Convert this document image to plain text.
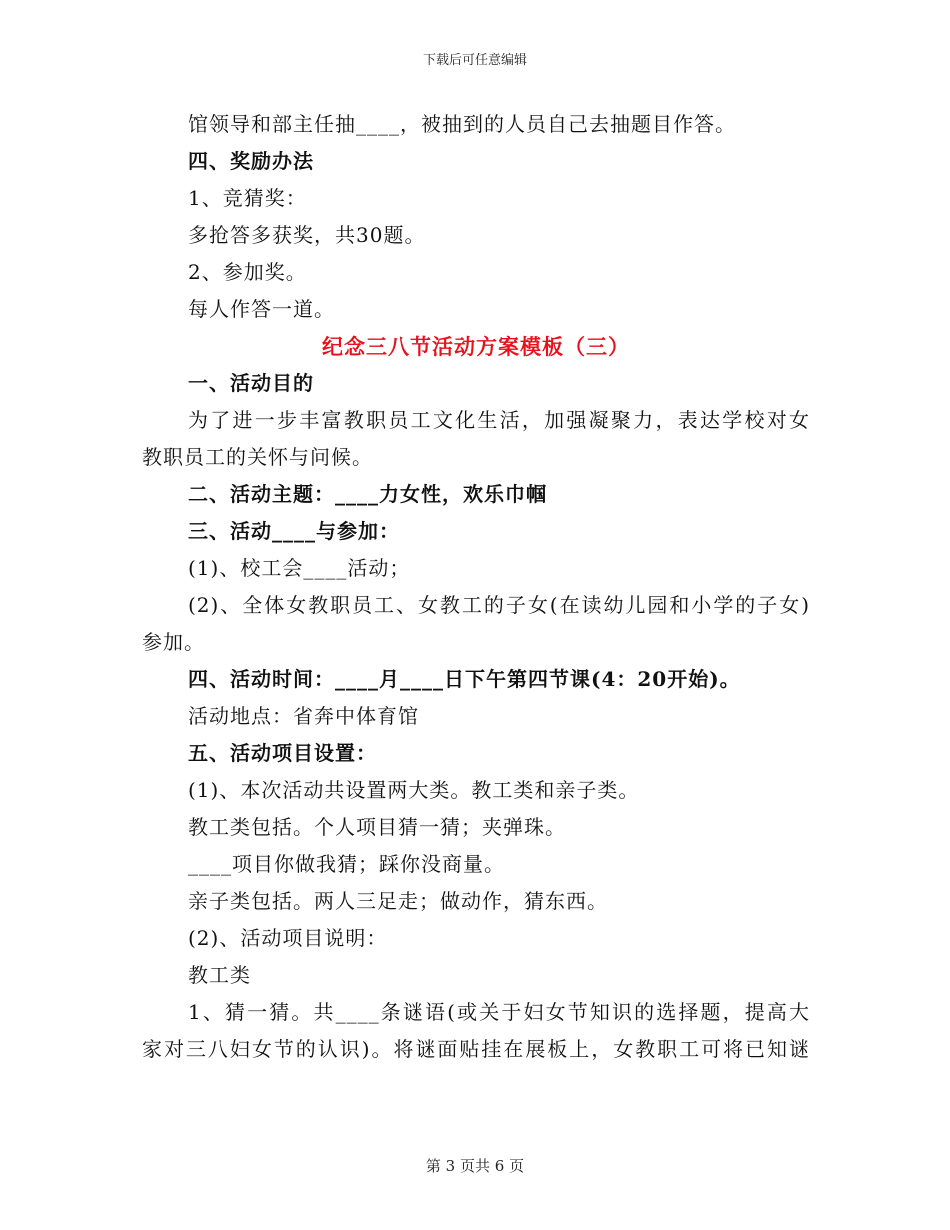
下载后可任意编辑
馆领导和部主任抽____，被抽到的人员自己去抽题目作答。
四、奖励办法
1、竞猜奖：
多抢答多获奖，共30题。
2、参加奖。
每人作答一道。
纪念三八节活动方案模板（三）
一、活动目的
为了进一步丰富教职员工文化生活，加强凝聚力，表达学校对女
教职员工的关怀与问候。
二、活动主题：____力女性，欢乐巾帼
三、活动____与参加：
(1)、校工会____活动；
(2)、全体女教职员工、女教工的子女(在读幼儿园和小学的子女)
参加。
四、活动时间：____月____日下午第四节课(4：20开始)。
活动地点：省奔中体育馆
五、活动项目设置：
(1)、本次活动共设置两大类。教工类和亲子类。
教工类包括。个人项目猜一猜；夹弹珠。
____项目你做我猜；踩你没商量。
亲子类包括。两人三足走；做动作，猜东西。
(2)、活动项目说明：
教工类
1、猜一猜。共____条谜语(或关于妇女节知识的选择题，提高大
家对三八妇女节的认识)。将谜面贴挂在展板上，女教职工可将已知谜
第 3 页共 6 页
